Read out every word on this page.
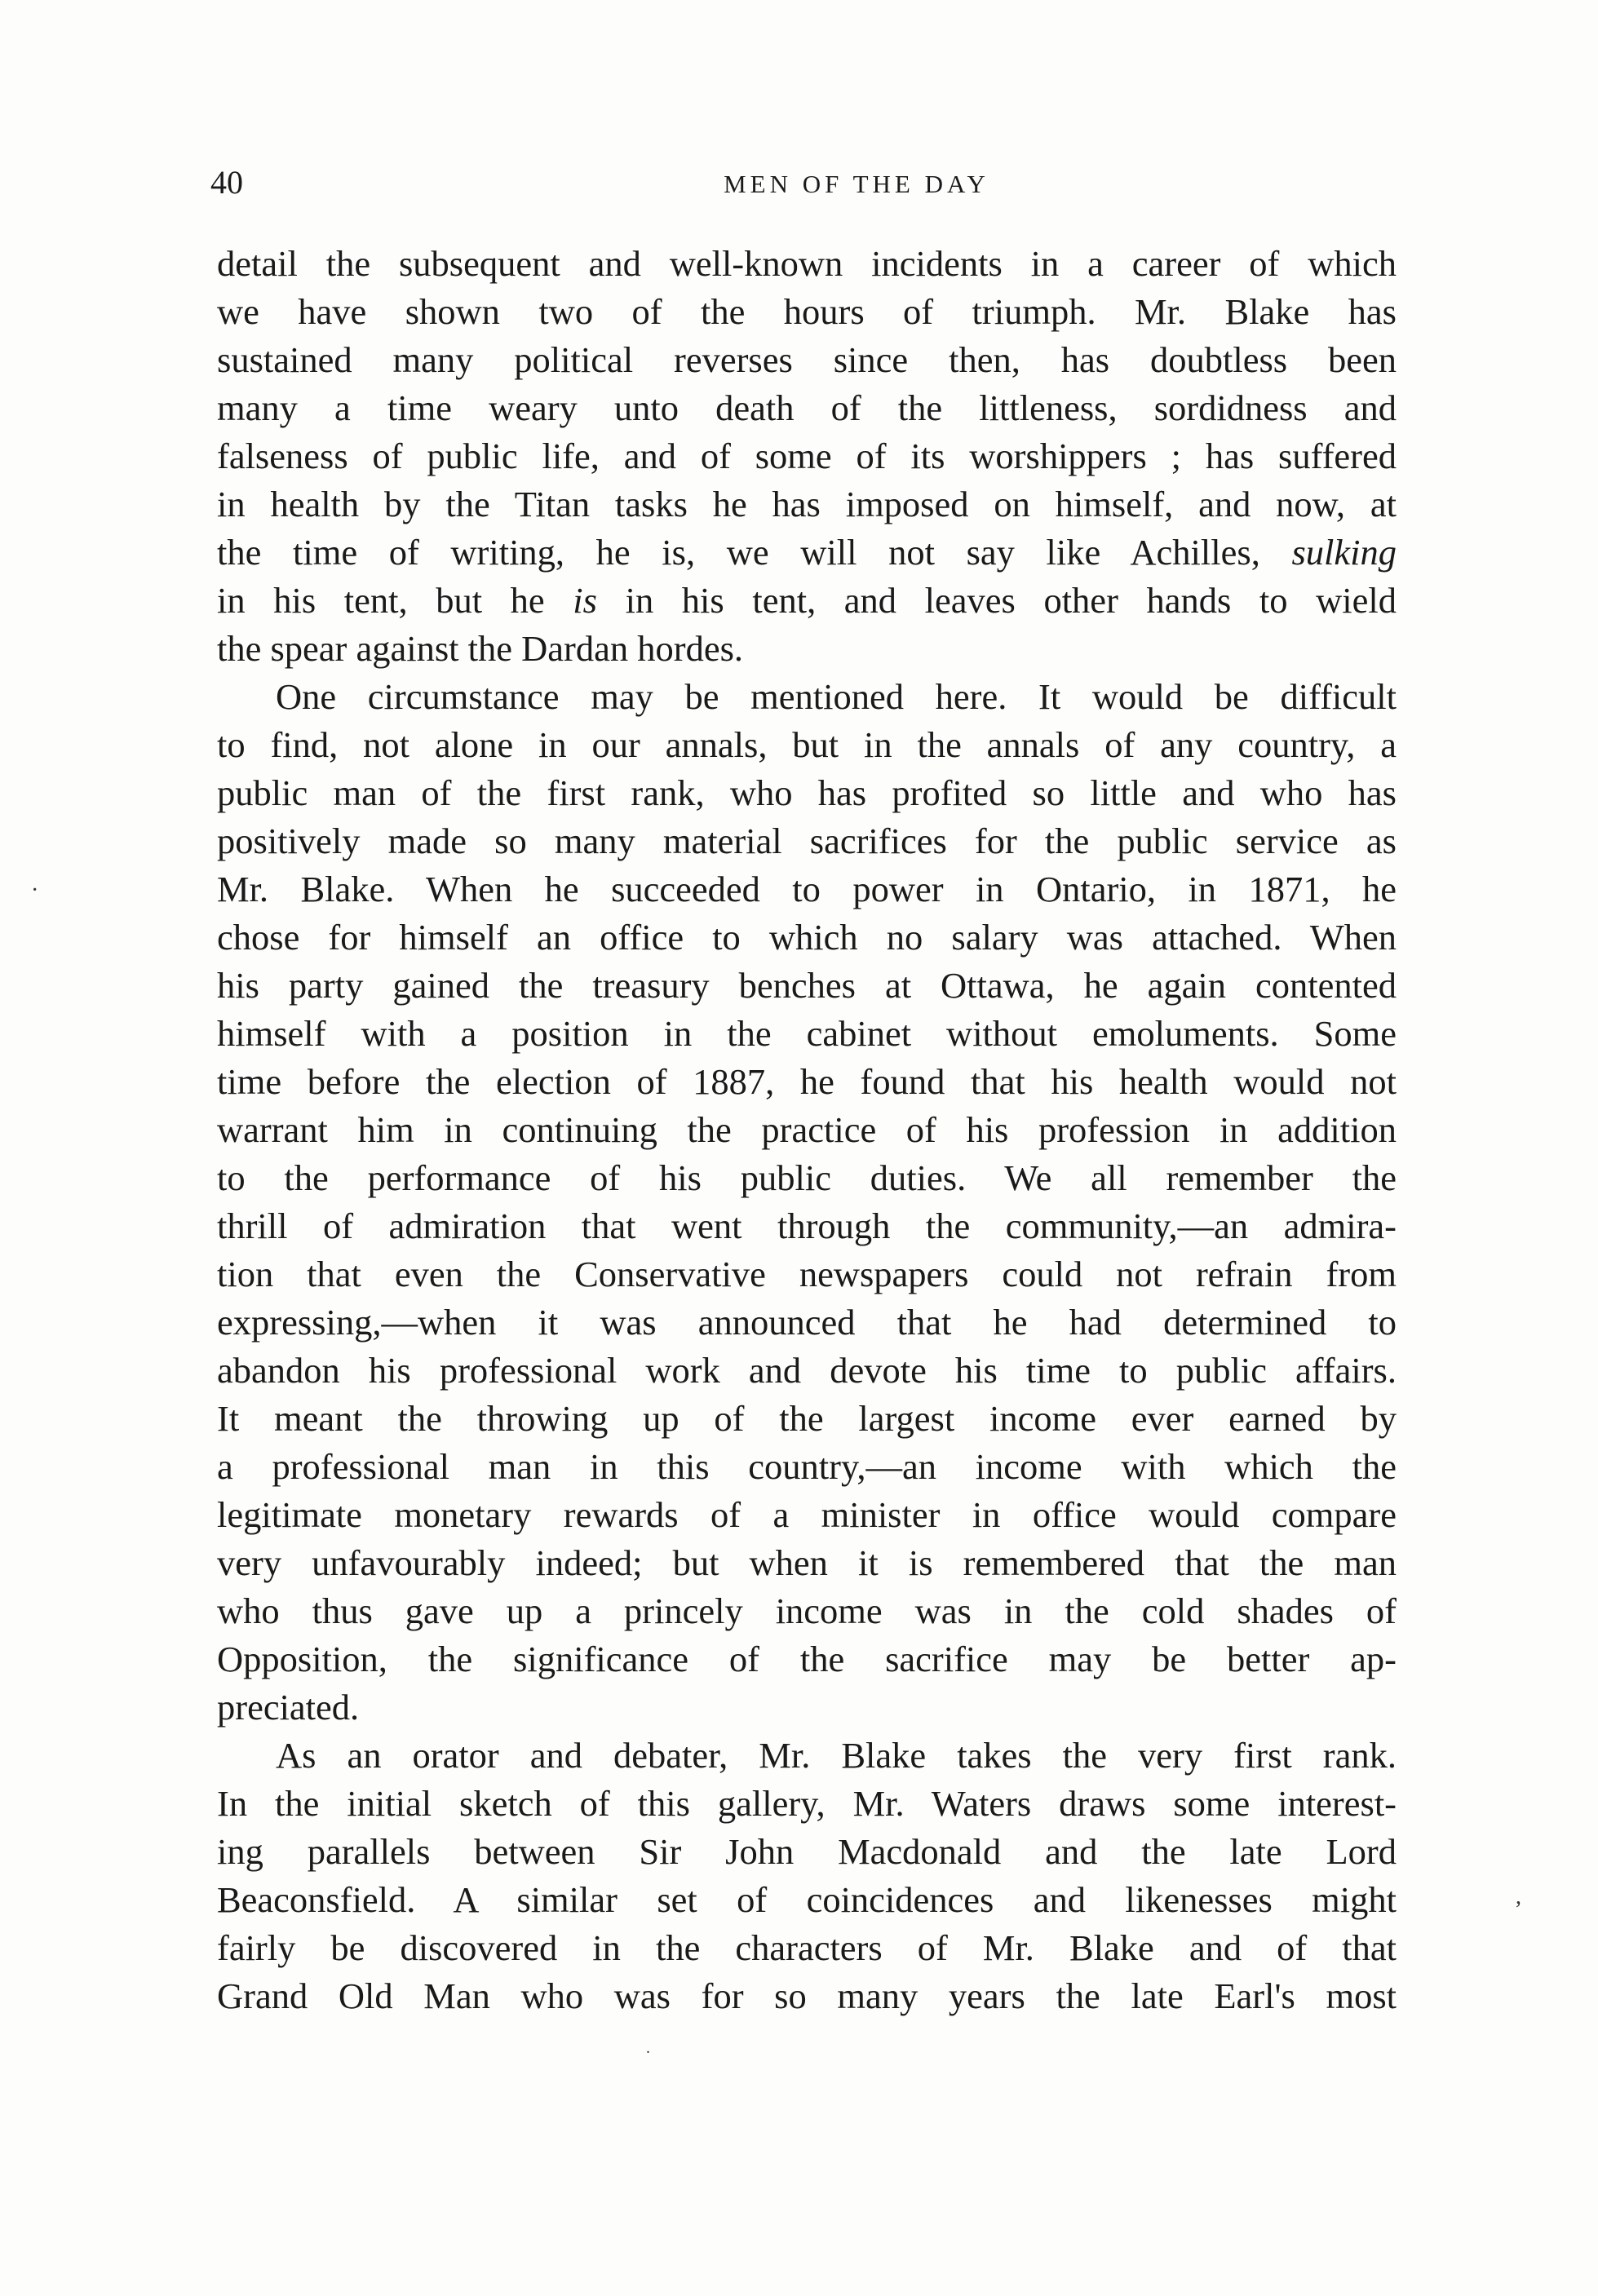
40	MEN OF THE DAY

detail the subsequent and well-known incidents in a career of which
we have shown two of the hours of triumph. Mr. Blake has
sustained many political reverses since then, has doubtless been
many a time weary unto death of the littleness, sordidness and
falseness of public life, and of some of its worshippers ; has suffered
in health by the Titan tasks he has imposed on himself, and now, at
the time of writing, he is, we will not say like Achilles, sulking
in his tent, but he is in his tent, and leaves other hands to wield
the spear against the Dardan hordes.

One circumstance may be mentioned here. It would be difficult
to find, not alone in our annals, but in the annals of any country, a
public man of the first rank, who has profited so little and who has
positively made so many material sacrifices for the public service as
Mr. Blake. When he succeeded to power in Ontario, in 1871, he
chose for himself an office to which no salary was attached. When
his party gained the treasury benches at Ottawa, he again contented
himself with a position in the cabinet without emoluments. Some
time before the election of 1887, he found that his health would not
warrant him in continuing the practice of his profession in addition
to the performance of his public duties. We all remember the
thrill of admiration that went through the community,—an admira-
tion that even the Conservative newspapers could not refrain from
expressing,—when it was announced that he had determined to
abandon his professional work and devote his time to public affairs.
It meant the throwing up of the largest income ever earned by
a professional man in this country,—an income with which the
legitimate monetary rewards of a minister in office would compare
very unfavourably indeed; but when it is remembered that the man
who thus gave up a princely income was in the cold shades of
Opposition, the significance of the sacrifice may be better ap-
preciated.

As an orator and debater, Mr. Blake takes the very first rank.
In the initial sketch of this gallery, Mr. Waters draws some interest-
ing parallels between Sir John Macdonald and the late Lord
Beaconsfield. A similar set of coincidences and likenesses might
fairly be discovered in the characters of Mr. Blake and of that
Grand Old Man who was for so many years the late Earl's most

·
,
.
